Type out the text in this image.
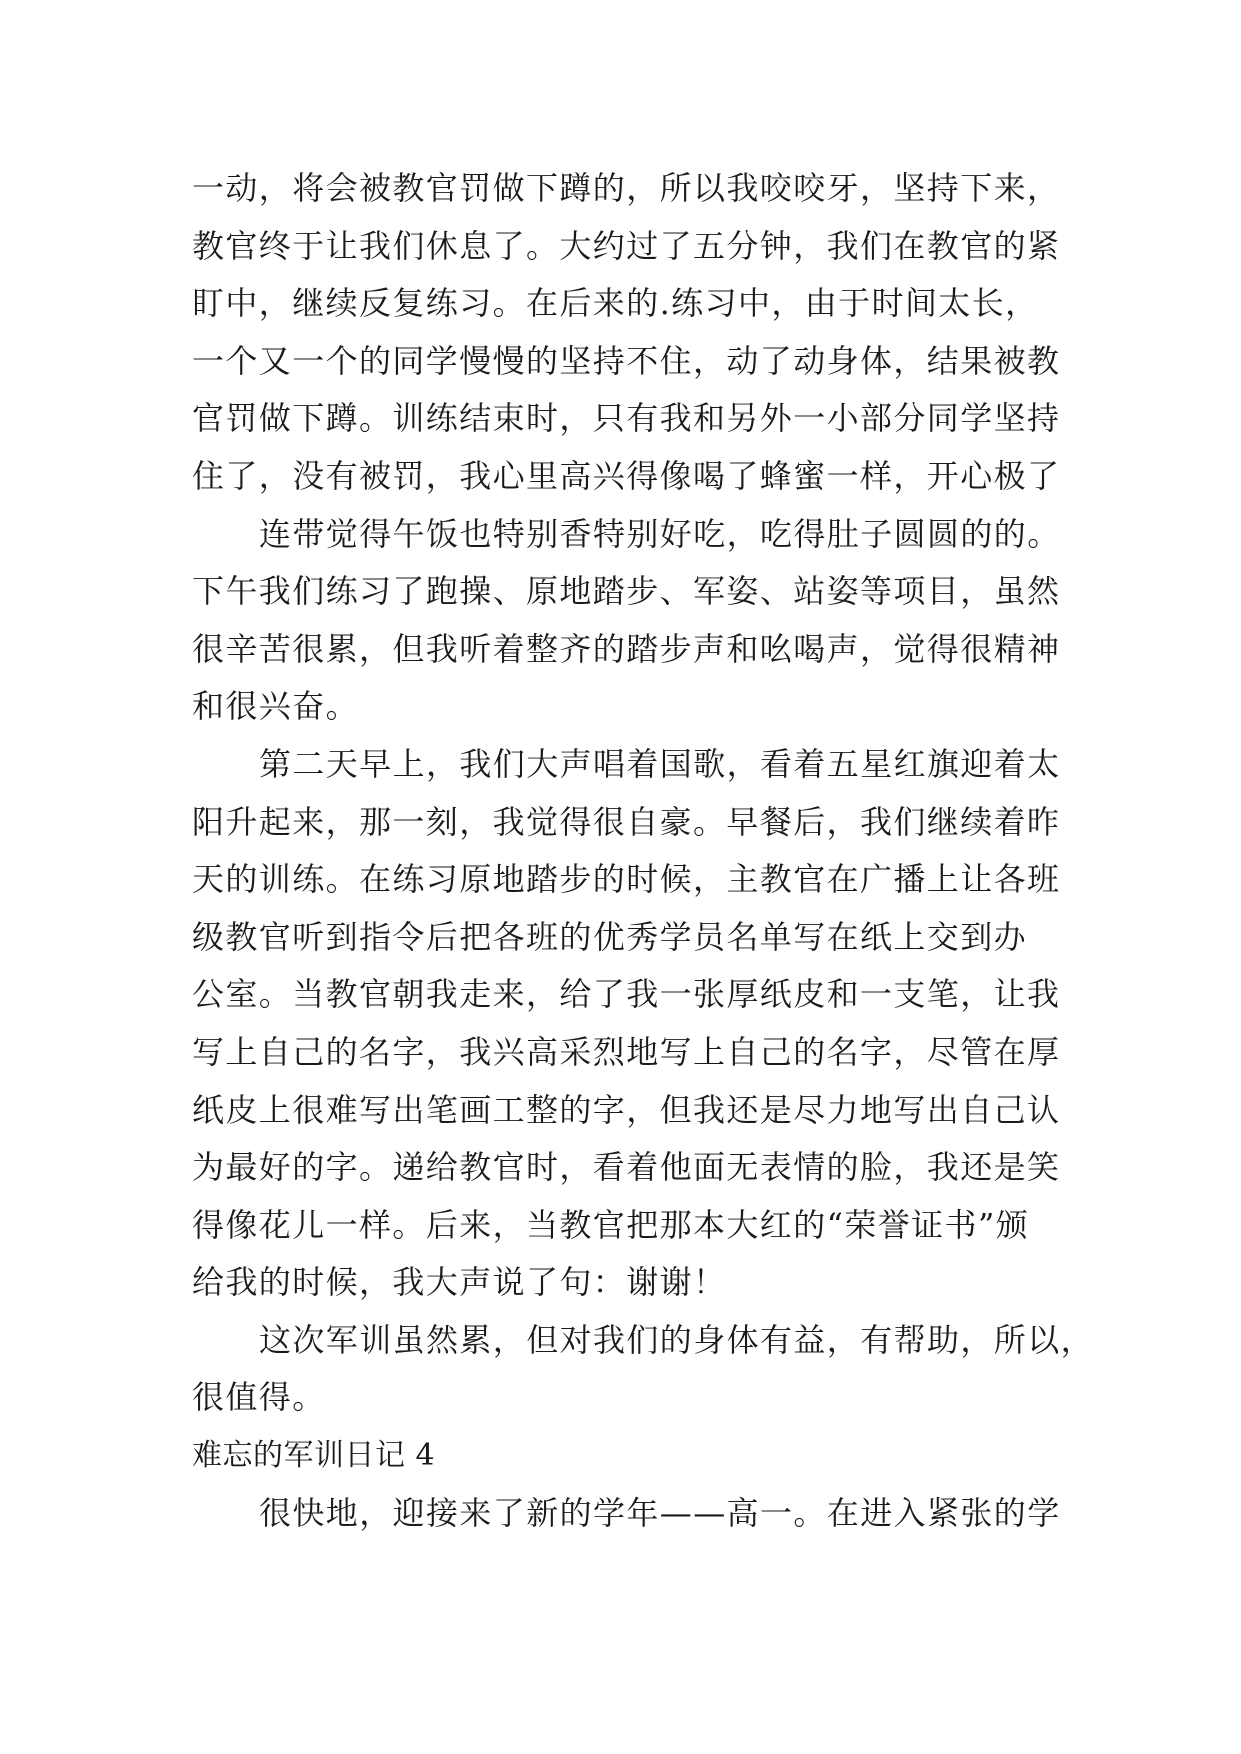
一动，将会被教官罚做下蹲的，所以我咬咬牙，坚持下来，
教官终于让我们休息了。大约过了五分钟，我们在教官的紧
盯中，继续反复练习。在后来的.练习中，由于时间太长，
一个又一个的同学慢慢的坚持不住，动了动身体，结果被教
官罚做下蹲。训练结束时，只有我和另外一小部分同学坚持
住了，没有被罚，我心里高兴得像喝了蜂蜜一样，开心极了
连带觉得午饭也特别香特别好吃，吃得肚子圆圆的的。
下午我们练习了跑操、原地踏步、军姿、站姿等项目，虽然
很辛苦很累，但我听着整齐的踏步声和吆喝声，觉得很精神
和很兴奋。
第二天早上，我们大声唱着国歌，看着五星红旗迎着太
阳升起来，那一刻，我觉得很自豪。早餐后，我们继续着昨
天的训练。在练习原地踏步的时候，主教官在广播上让各班
级教官听到指令后把各班的优秀学员名单写在纸上交到办
公室。当教官朝我走来，给了我一张厚纸皮和一支笔，让我
写上自己的名字，我兴高采烈地写上自己的名字，尽管在厚
纸皮上很难写出笔画工整的字，但我还是尽力地写出自己认
为最好的字。递给教官时，看着他面无表情的脸，我还是笑
得像花儿一样。后来，当教官把那本大红的“荣誉证书”颁
给我的时候，我大声说了句：谢谢！
这次军训虽然累，但对我们的身体有益，有帮助，所以，
很值得。
难忘的军训日记 4
很快地，迎接来了新的学年——高一。在进入紧张的学
